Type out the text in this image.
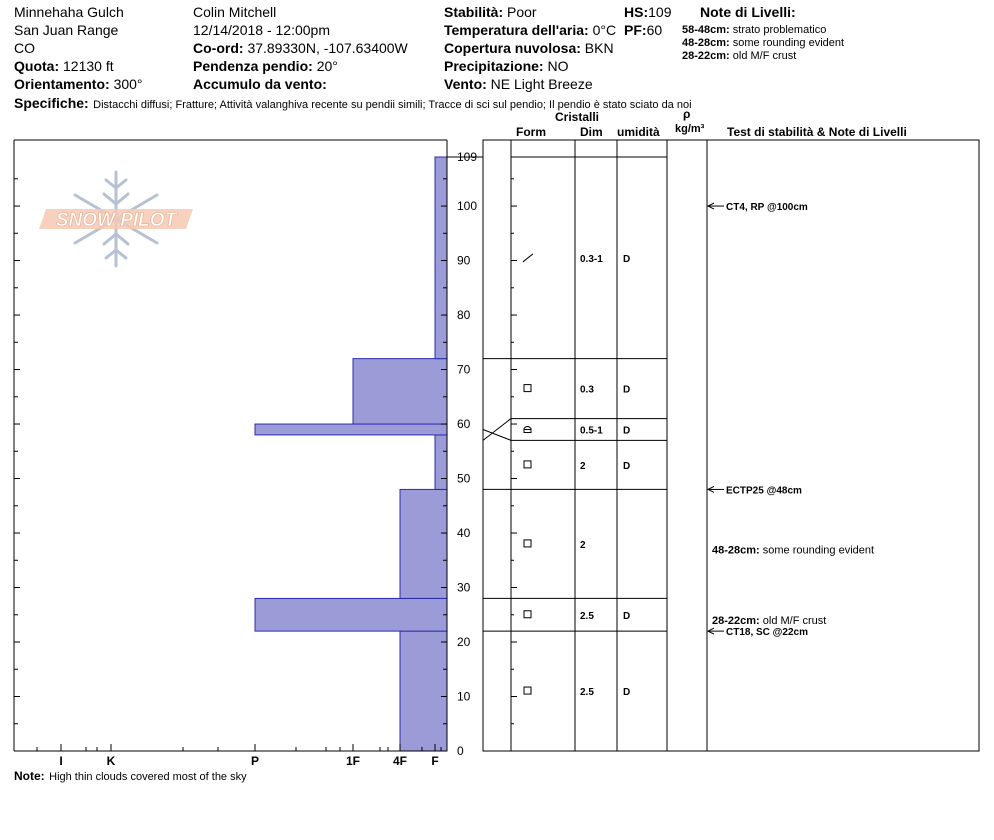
Minnehaha Gulch
San Juan Range
CO
Quota: 12130 ft
Orientamento: 300°
Colin Mitchell
12/14/2018 - 12:00pm
Co-ord: 37.89330N, -107.63400W
Pendenza pendio: 20°
Accumulo da vento:
Stabilità: Poor
Temperatura dell'aria: 0°C
Copertura nuvolosa: BKN
Precipitazione: NO
Vento: NE Light Breeze
HS:109
PF:60
Note di Livelli:
58-48cm: strato problematico
48-28cm: some rounding evident
28-22cm: old M/F crust
Specifiche: Distacchi diffusi; Fratture; Attività valanghiva recente su pendii simili; Tracce di sci sul pendio; Il pendio è stato sciato da noi
Cristalli
Form	Dim umidità
ρ
kg/m³ Test di stabilità & Note di Livelli
SNOW PILOT
0
10
20
30
40
50
60
70
80
90
100
109
I	K	P	1F	4F F
0.3-1 D
0.3	D
0.5-1 D
2	D
2
2.5	D
2.5	D
CT4, RP @100cm
ECTP25 @48cm
CT18, SC @22cm
48-28cm: some rounding evident
28-22cm: old M/F crust
Note: High thin clouds covered most of the sky
